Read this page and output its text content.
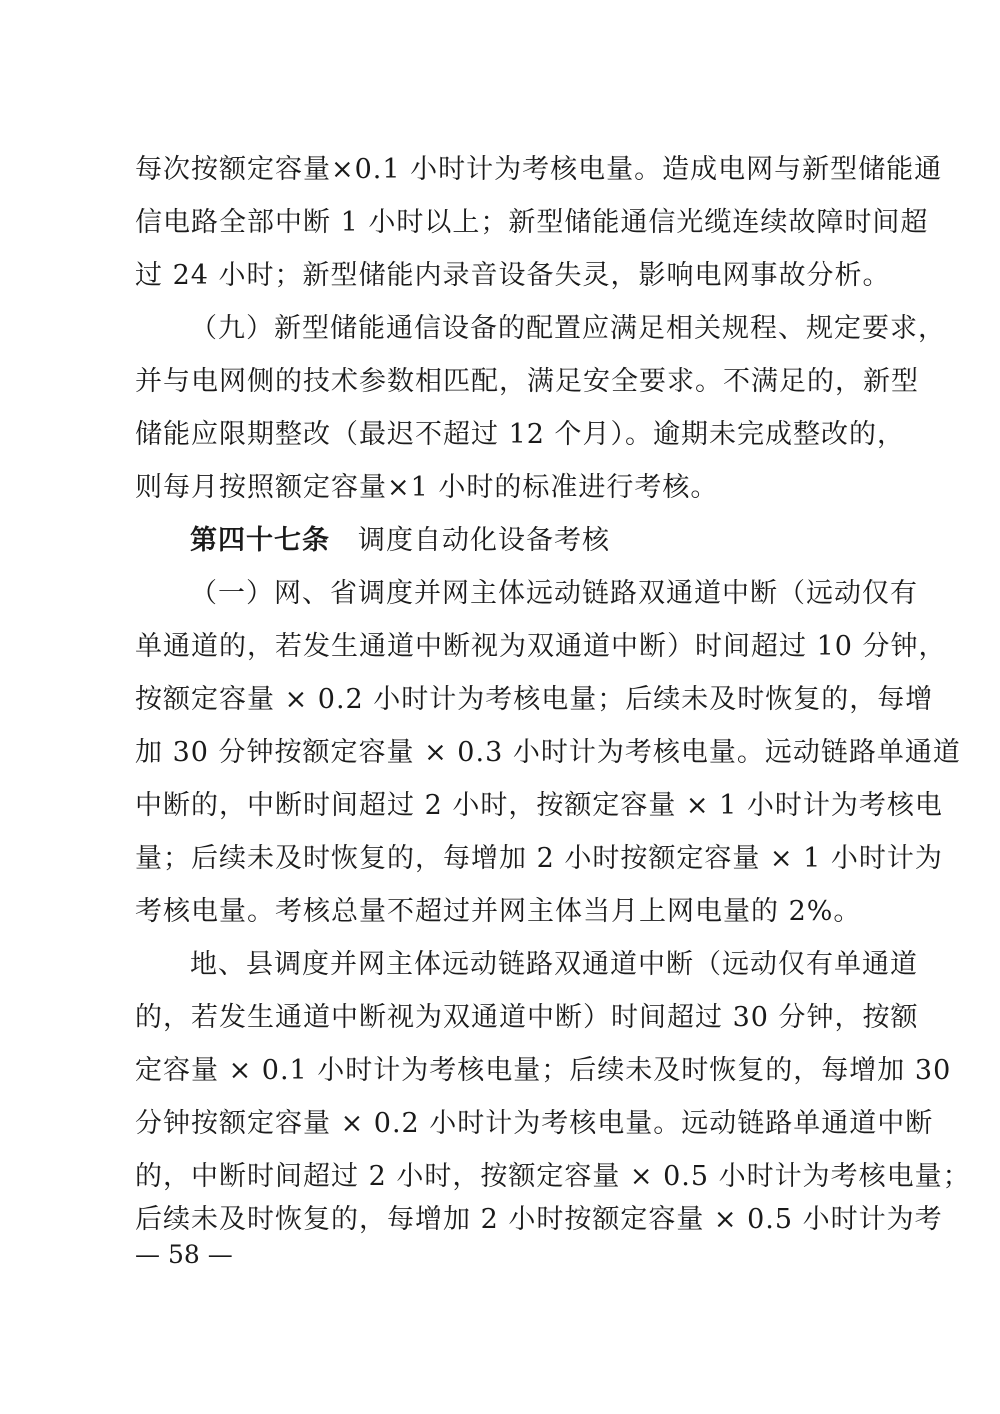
每次按额定容量×0.1 小时计为考核电量。造成电网与新型储能通
信电路全部中断 1 小时以上；新型储能通信光缆连续故障时间超
过 24 小时；新型储能内录音设备失灵，影响电网事故分析。
（九）新型储能通信设备的配置应满足相关规程、规定要求，
并与电网侧的技术参数相匹配，满足安全要求。不满足的，新型
储能应限期整改（最迟不超过 12 个月）。逾期未完成整改的，
则每月按照额定容量×1 小时的标准进行考核。
第四十七条 调度自动化设备考核
（一）网、省调度并网主体远动链路双通道中断（远动仅有
单通道的，若发生通道中断视为双通道中断）时间超过 10 分钟，
按额定容量 × 0.2 小时计为考核电量；后续未及时恢复的，每增
加 30 分钟按额定容量 × 0.3 小时计为考核电量。远动链路单通道
中断的，中断时间超过 2 小时，按额定容量 × 1 小时计为考核电
量；后续未及时恢复的，每增加 2 小时按额定容量 × 1 小时计为
考核电量。考核总量不超过并网主体当月上网电量的 2%。
地、县调度并网主体远动链路双通道中断（远动仅有单通道
的，若发生通道中断视为双通道中断）时间超过 30 分钟，按额
定容量 × 0.1 小时计为考核电量；后续未及时恢复的，每增加 30
分钟按额定容量 × 0.2 小时计为考核电量。远动链路单通道中断
的，中断时间超过 2 小时，按额定容量 × 0.5 小时计为考核电量；
后续未及时恢复的，每增加 2 小时按额定容量 × 0.5 小时计为考
— 58 —
